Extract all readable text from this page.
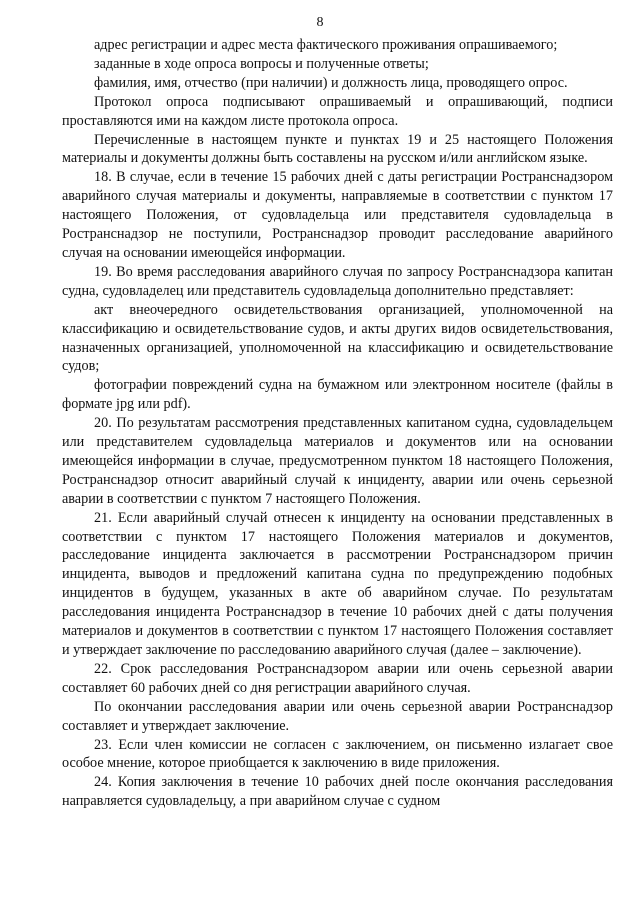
8

адрес регистрации и адрес места фактического проживания опрашиваемого;

заданные в ходе опроса вопросы и полученные ответы;

фамилия, имя, отчество (при наличии) и должность лица, проводящего опрос.

Протокол опроса подписывают опрашиваемый и опрашивающий, подписи проставляются ими на каждом листе протокола опроса.

Перечисленные в настоящем пункте и пунктах 19 и 25 настоящего Положения материалы и документы должны быть составлены на русском и/или английском языке.

18. В случае, если в течение 15 рабочих дней с даты регистрации Ространснадзором аварийного случая материалы и документы, направляемые в соответствии с пунктом 17 настоящего Положения, от судовладельца или представителя судовладельца в Ространснадзор не поступили, Ространснадзор проводит расследование аварийного случая на основании имеющейся информации.

19. Во время расследования аварийного случая по запросу Ространснадзора капитан судна, судовладелец или представитель судовладельца дополнительно представляет:

акт внеочередного освидетельствования организацией, уполномоченной на классификацию и освидетельствование судов, и акты других видов освидетельствования, назначенных организацией, уполномоченной на классификацию и освидетельствование судов;

фотографии повреждений судна на бумажном или электронном носителе (файлы в формате jpg или pdf).

20. По результатам рассмотрения представленных капитаном судна, судовладельцем или представителем судовладельца материалов и документов или на основании имеющейся информации в случае, предусмотренном пунктом 18 настоящего Положения, Ространснадзор относит аварийный случай к инциденту, аварии или очень серьезной аварии в соответствии с пунктом 7 настоящего Положения.

21. Если аварийный случай отнесен к инциденту на основании представленных в соответствии с пунктом 17 настоящего Положения материалов и документов, расследование инцидента заключается в рассмотрении Ространснадзором причин инцидента, выводов и предложений капитана судна по предупреждению подобных инцидентов в будущем, указанных в акте об аварийном случае. По результатам расследования инцидента Ространснадзор в течение 10 рабочих дней с даты получения материалов и документов в соответствии с пунктом 17 настоящего Положения составляет и утверждает заключение по расследованию аварийного случая (далее – заключение).

22. Срок расследования Ространснадзором аварии или очень серьезной аварии составляет 60 рабочих дней со дня регистрации аварийного случая.

По окончании расследования аварии или очень серьезной аварии Ространснадзор составляет и утверждает заключение.

23. Если член комиссии не согласен с заключением, он письменно излагает свое особое мнение, которое приобщается к заключению в виде приложения.

24. Копия заключения в течение 10 рабочих дней после окончания расследования направляется судовладельцу, а при аварийном случае с судном
